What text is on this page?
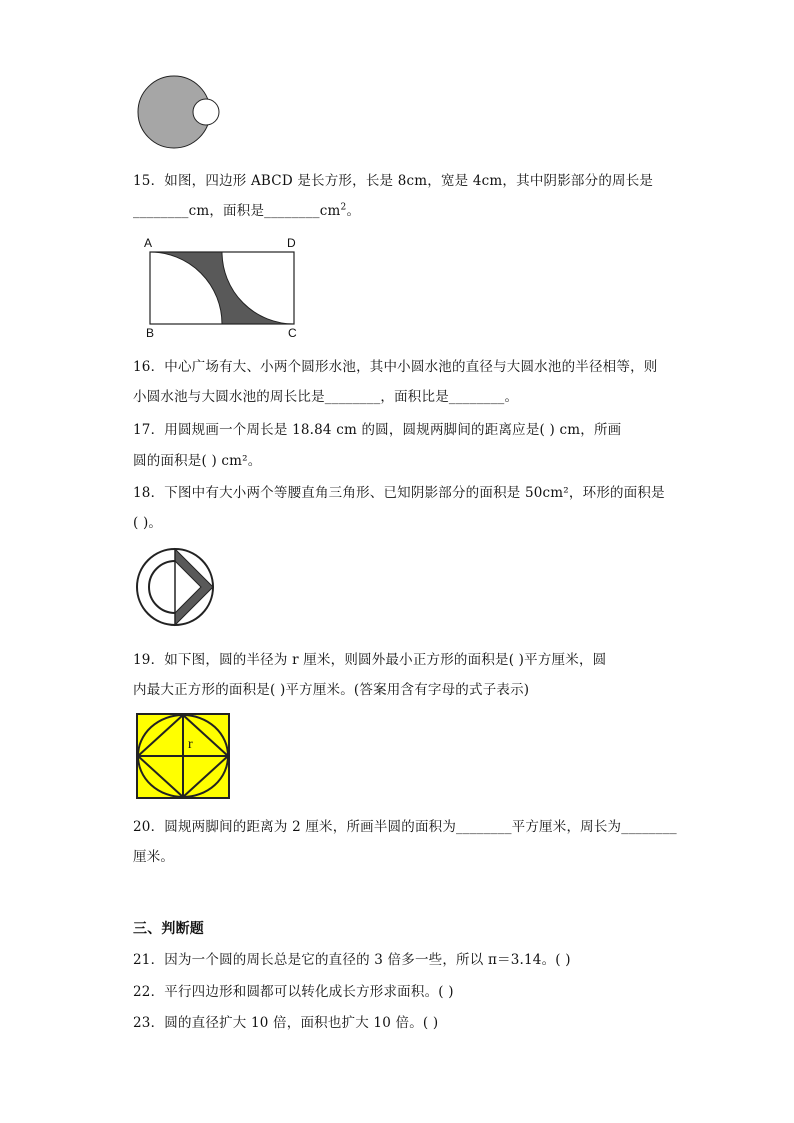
15．如图，四边形 ABCD 是长方形，长是 8cm，宽是 4cm，其中阴影部分的周长是
________cm，面积是$\_\_\_\_\_\_\_\_cm^2$。
A	D
B	C
16．中心广场有大、小两个圆形水池，其中小圆水池的直径与大圆水池的半径相等，则
小圆水池与大圆水池的周长比是________，面积比是________。
17．用圆规画一个周长是 18.84 cm 的圆，圆规两脚间的距离应是( ) cm，所画
圆的面积是( ) cm²。
18．下图中有大小两个等腰直角三角形、已知阴影部分的面积是 50cm²，环形的面积是
( )。
19．如下图，圆的半径为 r 厘米，则圆外最小正方形的面积是( )平方厘米，圆
内最大正方形的面积是( )平方厘米。(答案用含有字母的式子表示)
r
20．圆规两脚间的距离为 2 厘米，所画半圆的面积为________平方厘米，周长为________
厘米。
三、判断题
21．因为一个圆的周长总是它的直径的 3 倍多一些，所以 π＝3.14。( )
22．平行四边形和圆都可以转化成长方形求面积。( )
23．圆的直径扩大 10 倍，面积也扩大 10 倍。( )
